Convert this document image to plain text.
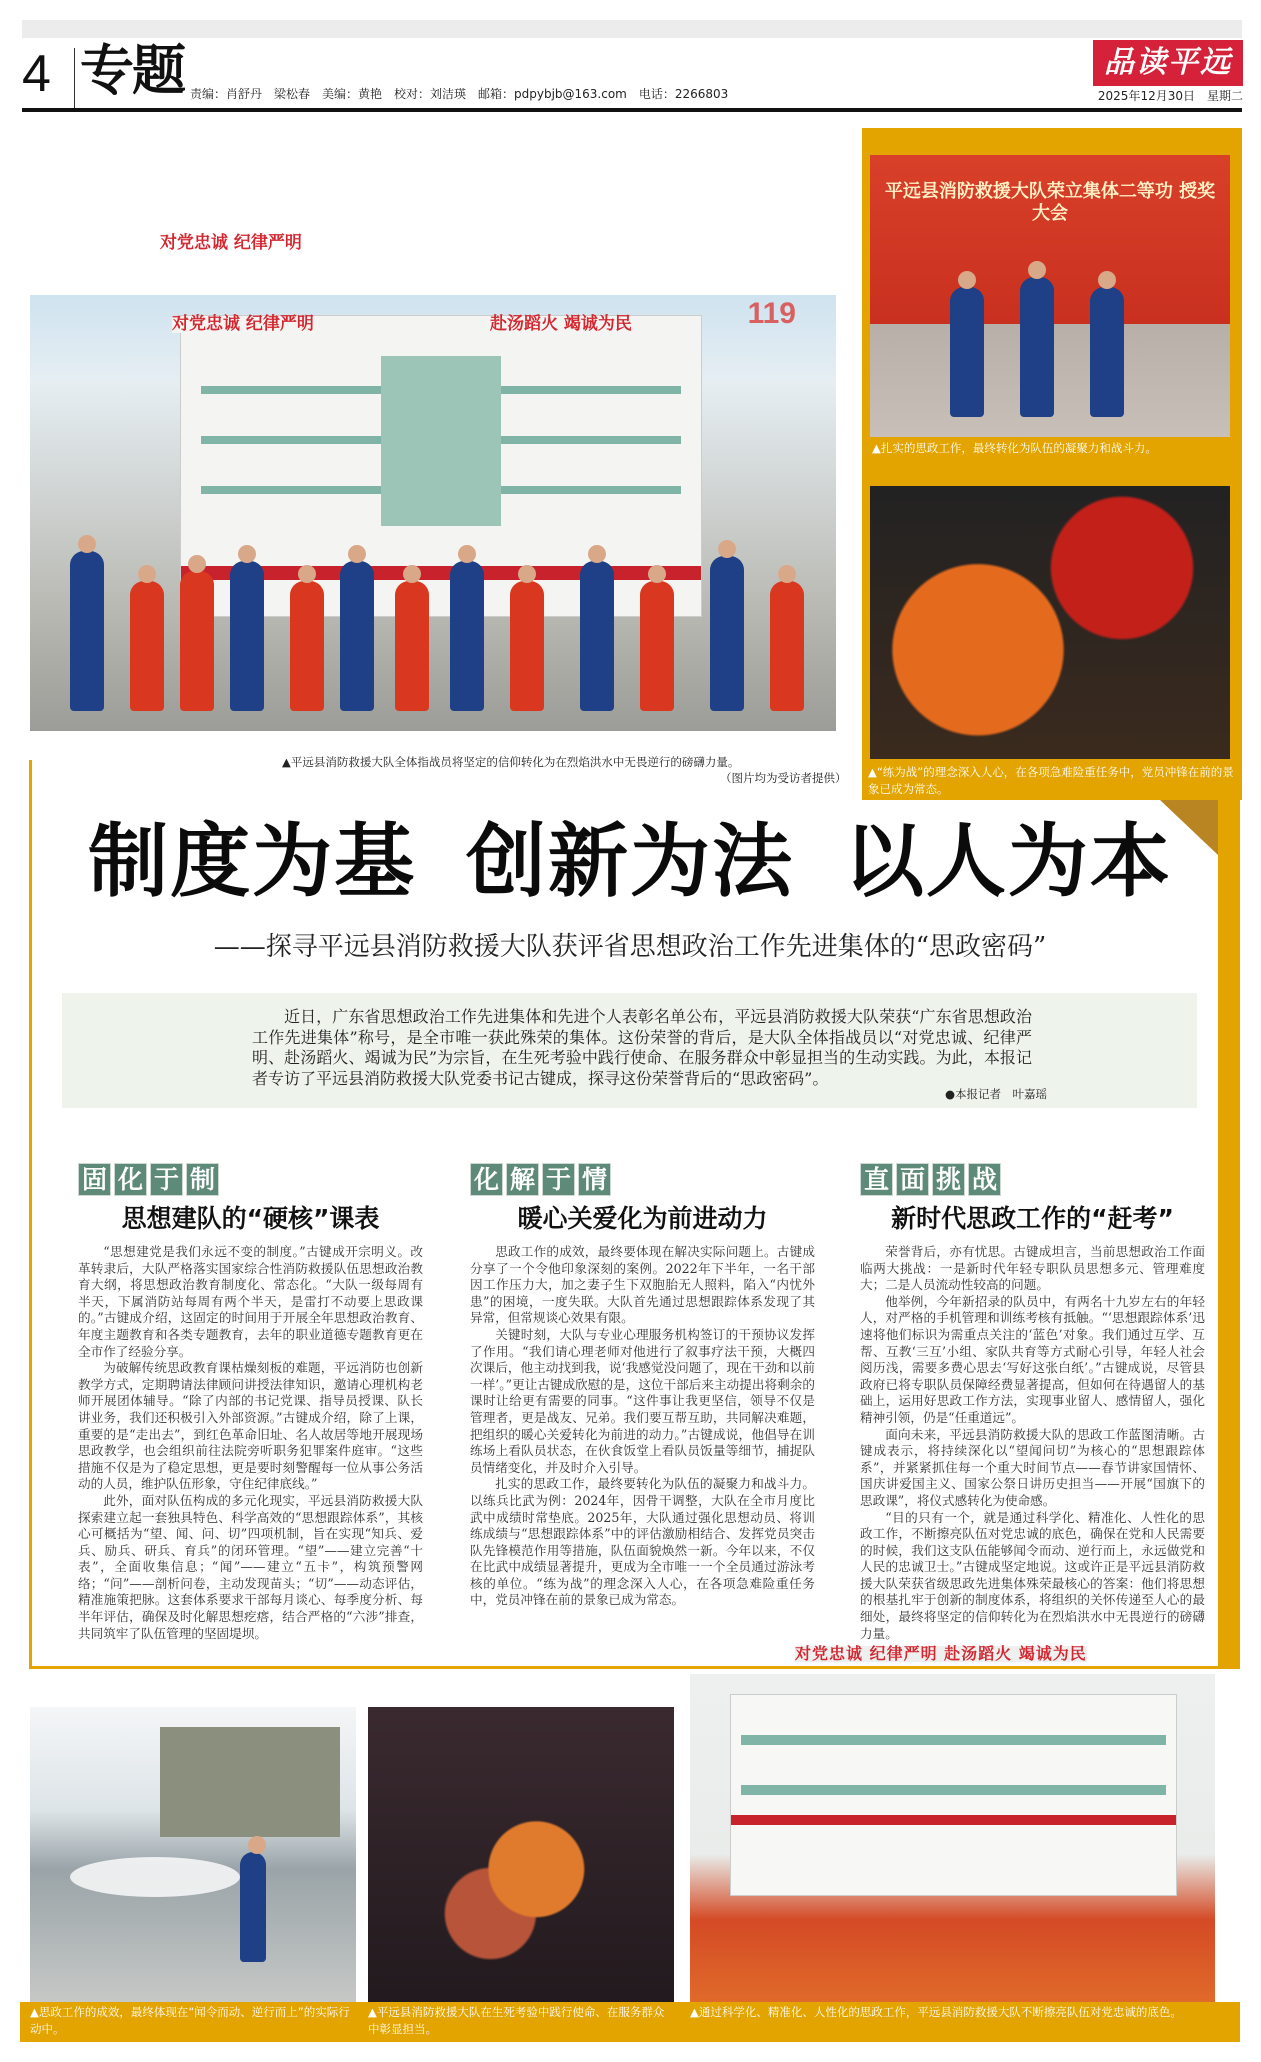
4 专题 责编：肖舒丹　梁松春　美编：黄艳　校对：刘洁瑛　邮箱：pdpybjb@163.com　电话：2266803
品读平远
2025年12月30日　星期二
对党忠诚 纪律严明
119
对党忠诚 纪律严明	赴汤蹈火 竭诚为民
平远县消防救援大队荣立集体二等功 授奖大会
▲扎实的思政工作，最终转化为队伍的凝聚力和战斗力。
▲“练为战”的理念深入人心，在各项急难险重任务中，党员冲锋在前的景象已成为常态。
▲平远县消防救援大队全体指战员将坚定的信仰转化为在烈焰洪水中无畏逆行的磅礴力量。
（图片均为受访者提供）
制度为基 创新为法 以人为本
——探寻平远县消防救援大队获评省思想政治工作先进集体的“思政密码”
近日，广东省思想政治工作先进集体和先进个人表彰名单公布，平远县消防救援大队荣获“广东省思想政治工作先进集体”称号，是全市唯一获此殊荣的集体。这份荣誉的背后，是大队全体指战员以“对党忠诚、纪律严明、赴汤蹈火、竭诚为民”为宗旨，在生死考验中践行使命、在服务群众中彰显担当的生动实践。为此，本报记者专访了平远县消防救援大队党委书记古键成，探寻这份荣誉背后的“思政密码”。
●本报记者　叶嘉瑶
固 化 于 制
思想建队的“硬核”课表

“思想建党是我们永远不变的制度。”古键成开宗明义。改革转隶后，大队严格落实国家综合性消防救援队伍思想政治教育大纲，将思想政治教育制度化、常态化。“大队一级每周有半天，下属消防站每周有两个半天，是雷打不动要上思政课的。”古键成介绍，这固定的时间用于开展全年思想政治教育、年度主题教育和各类专题教育，去年的职业道德专题教育更在全市作了经验分享。

为破解传统思政教育课枯燥刻板的难题，平远消防也创新教学方式，定期聘请法律顾问讲授法律知识，邀请心理机构老师开展团体辅导。“除了内部的书记党课、指导员授课、队长讲业务，我们还积极引入外部资源。”古键成介绍，除了上课，重要的是“走出去”，到红色革命旧址、名人故居等地开展现场思政教学，也会组织前往法院旁听职务犯罪案件庭审。“这些措施不仅是为了稳定思想，更是要时刻警醒每一位从事公务活动的人员，维护队伍形象，守住纪律底线。”

此外，面对队伍构成的多元化现实，平远县消防救援大队探索建立起一套独具特色、科学高效的“思想跟踪体系”，其核心可概括为“望、闻、问、切”四项机制，旨在实现“知兵、爱兵、励兵、研兵、育兵”的闭环管理。“望”——建立完善“十表”，全面收集信息；“闻”——建立“五卡”，构筑预警网络；“问”——剖析问卷，主动发现苗头；“切”——动态评估，精准施策把脉。这套体系要求干部每月谈心、每季度分析、每半年评估，确保及时化解思想疙瘩，结合严格的“六涉”排查，共同筑牢了队伍管理的坚固堤坝。

化 解 于 情
暖心关爱化为前进动力

思政工作的成效，最终要体现在解决实际问题上。古键成分享了一个令他印象深刻的案例。2022年下半年，一名干部因工作压力大，加之妻子生下双胞胎无人照料，陷入“内忧外患”的困境，一度失联。大队首先通过思想跟踪体系发现了其异常，但常规谈心效果有限。

关键时刻，大队与专业心理服务机构签订的干预协议发挥了作用。“我们请心理老师对他进行了叙事疗法干预，大概四次课后，他主动找到我，说‘我感觉没问题了，现在干劲和以前一样’。”更让古键成欣慰的是，这位干部后来主动提出将剩余的课时让给更有需要的同事。“这件事让我更坚信，领导不仅是管理者，更是战友、兄弟。我们要互帮互助，共同解决难题，把组织的暖心关爱转化为前进的动力。”古键成说，他倡导在训练场上看队员状态，在伙食饭堂上看队员饭量等细节，捕捉队员情绪变化，并及时介入引导。

扎实的思政工作，最终要转化为队伍的凝聚力和战斗力。以练兵比武为例：2024年，因骨干调整，大队在全市月度比武中成绩时常垫底。2025年，大队通过强化思想动员、将训练成绩与“思想跟踪体系”中的评估激励相结合、发挥党员突击队先锋模范作用等措施，队伍面貌焕然一新。今年以来，不仅在比武中成绩显著提升，更成为全市唯一一个全员通过游泳考核的单位。“练为战”的理念深入人心，在各项急难险重任务中，党员冲锋在前的景象已成为常态。

直 面 挑 战
新时代思政工作的“赶考”

荣誉背后，亦有忧思。古键成坦言，当前思想政治工作面临两大挑战：一是新时代年轻专职队员思想多元、管理难度大；二是人员流动性较高的问题。

他举例，今年新招录的队员中，有两名十九岁左右的年轻人，对严格的手机管理和训练考核有抵触。“‘思想跟踪体系’迅速将他们标识为需重点关注的‘蓝色’对象。我们通过互学、互帮、互教‘三互’小组、家队共育等方式耐心引导，年轻人社会阅历浅，需要多费心思去‘写好这张白纸’。”古键成说，尽管县政府已将专职队员保障经费显著提高，但如何在待遇留人的基础上，运用好思政工作方法，实现事业留人、感情留人，强化精神引领，仍是“任重道远”。

面向未来，平远县消防救援大队的思政工作蓝图清晰。古键成表示，将持续深化以“望闻问切”为核心的“思想跟踪体系”，并紧紧抓住每一个重大时间节点——春节讲家国情怀、国庆讲爱国主义、国家公祭日讲历史担当——开展“国旗下的思政课”，将仪式感转化为使命感。

“目的只有一个，就是通过科学化、精准化、人性化的思政工作，不断擦亮队伍对党忠诚的底色，确保在党和人民需要的时候，我们这支队伍能够闻令而动、逆行而上，永远做党和人民的忠诚卫士。”古键成坚定地说。这或许正是平远县消防救援大队荣获省级思政先进集体殊荣最核心的答案：他们将思想的根基扎牢于创新的制度体系，将组织的关怀传递至人心的最细处，最终将坚定的信仰转化为在烈焰洪水中无畏逆行的磅礴力量。

对党忠诚 纪律严明 赴汤蹈火 竭诚为民
▲思政工作的成效，最终体现在“闻令而动、逆行而上”的实际行动中。
▲平远县消防救援大队在生死考验中践行使命、在服务群众中彰显担当。
▲通过科学化、精准化、人性化的思政工作，平远县消防救援大队不断擦亮队伍对党忠诚的底色。
